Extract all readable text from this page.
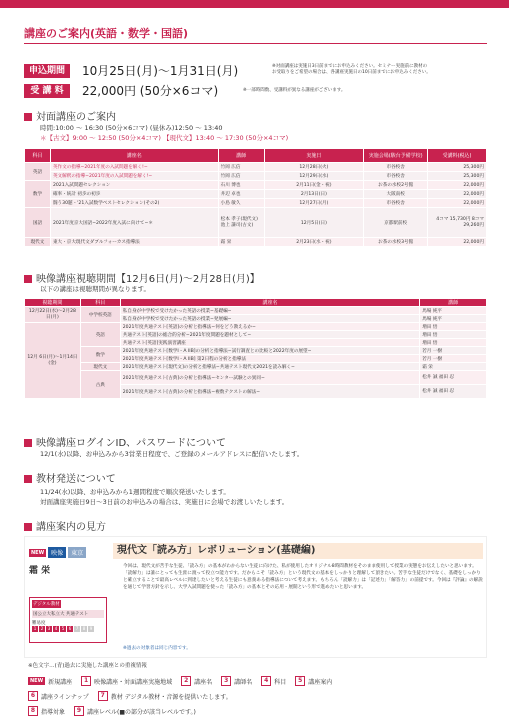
講座のご案内(英語・数学・国語)
申込期間	10月25日(月)～1月31日(月)	※対面講座は実施日3日前までにお申込みください。セミナー実施前に教材の
お受取りをご希望の場合は、各講座実施日の10日前までにお申込みください。
受 講 料	22,000円 (50分×6コマ)	※一部時間数、受講料が異なる講座がございます。
対面講座のご案内
時間:10:00 ～ 16:30 (50分×6コマ) (昼休み)12:50 ～ 13:40
＊【古文】9:00 ～ 12:50 (50分×4コマ) 【現代文】13:40 ～ 17:30 (50分×4コマ)
科目	講座名	講師	実施日	実施会場(駿台予備学校)	受講料(税込)
英語	英作文の指導−2021年度の入試問題を解く!−	竹岡 広信	12月28日(火)	市谷校舎	25,300円
	英文解釈の指導−2021年度の入試問題を解く!−	竹岡 広信	12月29日(水)	市谷校舎	25,300円
数学	2021入試問題セレクション	石川 博也	2月11日(金・祝)	お茶の水校2号館	22,000円
	確率・統計 初歩の初歩	井辺 卓也	2月13日(日)	大阪南校	22,000円
	闘う30題・'21入試数学ベストセレクション(その2)	小島 敏久	12月27日(月)	市谷校舎	22,000円
国語	2021年度京大国語−2022年度入試に向けて−＊	松本 孝子(現代文) 池上 謙司(古文)	12月5日(日)	京都駅前校	4コマ 15,730円 8コマ 29,260円
現代文	東大・京大現代文ダブルフォーカス指導法	霜 栄	2月23日(水・祝)	お茶の水校3号館	22,000円
映像講座視聴期間【12月6日(月)～2月28日(月)】
以下の講座は視聴期間が異なります。
視聴期間	科目	講座名	講師
12月22日(水)〜2月28日(月)	中学校英語	私自身が中学校で受けたかった英語の授業−基礎編−	馬場 純平
		私自身が中学校で受けたかった英語の授業−発展編−	馬場 純平
12月 6日(月)〜1月14日(金)	英語	2021年度共通テスト[英語]の分析と指導法−何をどう教えるか−	増田 悟
		共通テスト[英語]の総合的分析−2021年度問題を題材として−	増田 悟
		共通テスト[英語]実践演習講座	増田 悟
	数学	2021年度共通テスト[数学I・A IIB]の分析と指導法−試行調査との比較と2022年度の展望−	若月 一樹
		2021年度共通テスト[数学I・A IIB] 第2日程の分析と指導法	若月 一樹
	現代文	2021年度共通テスト[現代文]の分析と指導法−共通テスト現代文2021を読み解く−	霜 栄
	古典	2021年度共通テスト[古典]の分析と指導法−センター試験との異同−	松井 誠 福田 忍
		2021年度共通テスト[古典]の分析と指導法−複数テクストの解法−	松井 誠 福田 忍
映像講座ログインID、パスワードについて
12/1(水)以降、お申込みから3営業日程度で、ご登録のメールアドレスに配信いたします。
教材発送について
11/24(水)以降、お申込みから1週間程度で順次発送いたします。
対面講座実施日9日〜3日前のお申込みの場合は、実施日に会場でお渡しいたします。
講座案内の見方
NEW	映像	東京	現代文「読み方」レボリューション(基礎編)
霜 栄
デジタル教材
国公立大私立大 共通テスト
難易度
1	2	3	4	5	6	7	8	9
今回は、現代文が苦手な生徒、「読み方」の基本がわからない生徒に向けた、私が使用したオリジナル8時間教材をそのまま使用して授業の実態をお伝えしたいと思います。「読解力」は誰にとっても生涯に渡って役立つ能力です。だからこそ「読み方」という現代文の基本をしっかりと理解して頂きたい。苦手な生徒だけでなく、基礎をしっかりと確立することで最高レベルに到達したいと考える生徒にも意義ある指導法について考えます。もちろん「読解力」は「記述力」「解答力」の前提です。今回は『評論』の解説を通じて学習方針を示し、大学入試問題を使った「読み方」の基本とその応用・展開という形で進めたいと思います。
※過去の対象者は同じ内容です。
※色文字…(青)過去に実施した講座との重複情報
NEW 新規講座	1 映像講座・対面講座実施地域	2 講座名	3 講師名	4 科目	5 講座案内
6 講座ラインナップ	7 教材 デジタル教材・音源を提供いたします。
8 指導対象	9 講座レベル(■の部分が該当レベルです。)
